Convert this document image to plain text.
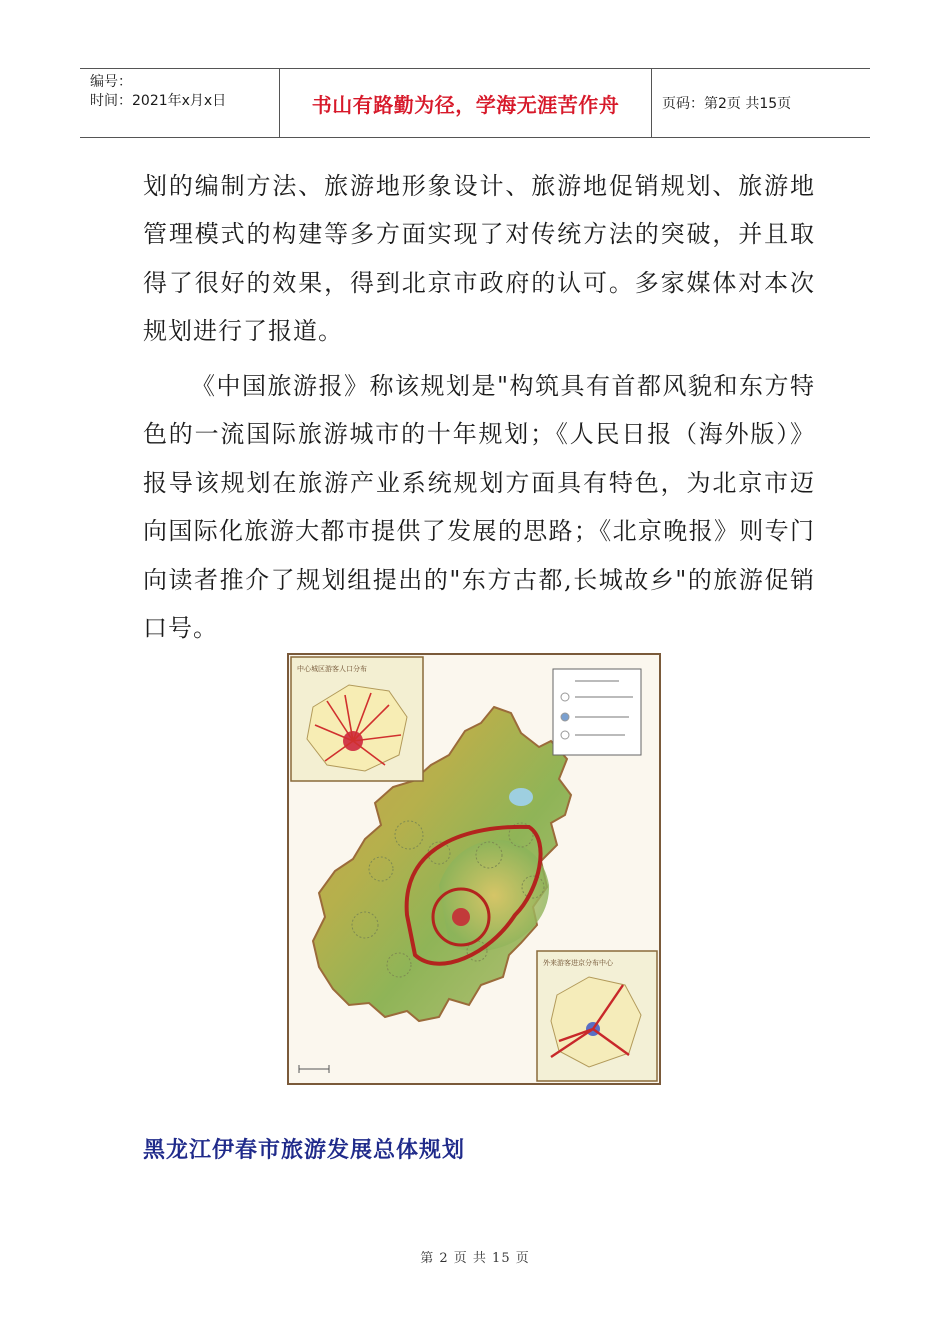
编号：
时间：2021年x月x日	书山有路勤为径，学海无涯苦作舟	页码：第2页 共15页

划的编制方法、旅游地形象设计、旅游地促销规划、旅游地管理模式的构建等多方面实现了对传统方法的突破，并且取得了很好的效果，得到北京市政府的认可。多家媒体对本次规划进行了报道。

《中国旅游报》称该规划是"构筑具有首都风貌和东方特色的一流国际旅游城市的十年规划；《人民日报（海外版）》报导该规划在旅游产业系统规划方面具有特色，为北京市迈向国际化旅游大都市提供了发展的思路；《北京晚报》则专门向读者推介了规划组提出的"东方古都,长城故乡"的旅游促销口号。

中心城区游客人口分布
外来游客进京分布中心
黑龙江伊春市旅游发展总体规划
第 2 页 共 15 页
